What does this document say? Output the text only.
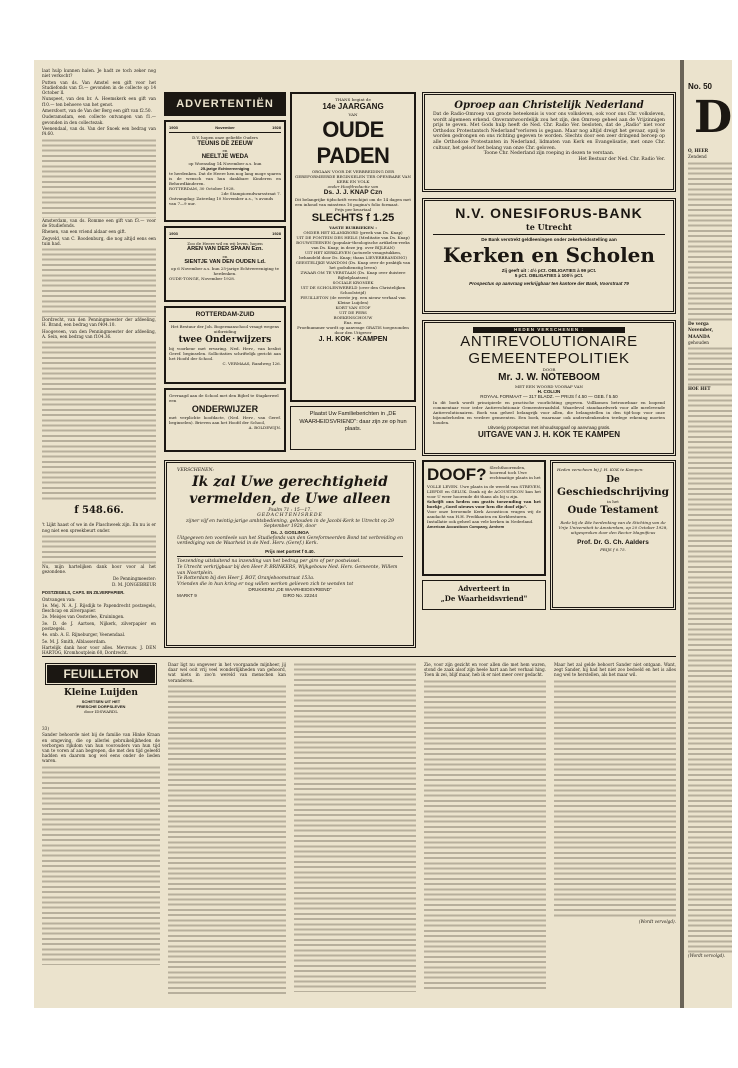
laat hulp kunnen halen. Je hadt ze toch zeker nog niet verkocht?

Putten van ds. Van Amstel een gift voor het Studiefonds van f3.— gevonden in de collecte op 14 October ll.

Nunspeet, van den br. A. Heemskerk een gift van f10.— ten behoeve van het genot.

Amersfoort, van de Van der Berg een gift van f2.50.

Ouderamsdam, een collecte ontvangen van f1.— gevonden in den collectezak.

Veenendaal, van ds. Van der Snoek een bedrag van f4.60.

Amsterdam, van ds. Romme een gift van f3.— voor de Studiefonds.

Rhenen, van een vriend aldaar een gift.

Zegveld, van C. Roodenburg, die nog altijd eens een tuin had.

Dordrecht, van den Penningmeester der afdeeling, H. Brand, een bedrag van f404.10.

Hoogeveen, van den Penningmeester der afdeeling, A. Sein, een bedrag van f104.36.

f 548.66.

't Lijkt haast of we in de Plaschweek zijn. En nu is er nog niet een spreekbeurt onder.

Nu, mijn hartelijken dank hoor voor al het gezondene.

De Penningmeester:

D. M. JONGEBREUR

POSTZEGELS, CAPS. EN ZILVERPAPIER.

Ontvangen van:

1e. Mej. N. A. J. Rijsdijk te Papendrecht postzegels, fleschcap en zilverpapier.

2e. Meisjes van Oosterlee, Kruiningen.

3e. D. de J. Aartsen, Nijkerk, zilverpapier en postzegels.

4e. onb. A. E. Rijneburger, Veenendaal.

5e. M. J. Smith, Alblasserdam.

Hartelijk dank hoor voor alles. Mevrouw. J. DEN HARTOG, Kromhoutplein 60, Dordrecht.

ADVERTENTIËN
1903	November	1928
D.V. hopen onze geliefde Ouders
TEUNIS DE ZEEUW
en
NEELTJE WEDA
op Woensdag 14 November a.s. hun
25-jarige Echtvereeniging
te herdenken. Dat de Heere hen nog lang moge sparen is de wensch van hun dankbare Kinderen en Behuwdkinderen.
ROTTERDAM, 30 October 1928.
2de Stampioendwarsstraat 7.
Ontvangdag: Zaterdag 10 November a.s., 's avonds van 7—9 uur.
1903	1928
Zoo de Heere wil en wij leven, hopen
AREN VAN DER SPAAN Ezn.
en
SIENTJE VAN DEN OUDEN Ld.
op 6 November a.s. hun 25-jarige Echtvereeniging te herdenken.
OUDE-TONGE, November 1928.
ROTTERDAM-ZUID
Het Bestuur der Joh. Bogermanschool vraagt wegens uitbreiding
twee Onderwijzers
bij voorkeur met ervaring. Ned. Herv., van beslist Geref. beginselen. Sollicitaties schriftelijk gericht aan het Hoofd der School.
C. VERMAAS, Randweg 126.
Gevraagd aan de School met den Bijbel te Stapkerwel een
ONDERWIJZER
met verplichte hoofdacte, (Ned. Herv., van Geref. beginselen). Brieven aan het Hoofd der School,
A. BOLDEWIJN.
THANS begint de
14e JAARGANG
VAN
OUDE PADEN
ORGAAN VOOR DE VERBREIDING DER GEREFORMEERDE BEGINSELEN TER OPENBARE VAN KERK EN VOLK
onder Hoofdredactie van
Ds. J. J. KNAP Czn
Dit belangrijke tijdschrift verschijnt om de 14 dagen met een inhoud van minstens 16 pagina's folio formaat.
Prijs per kwartaal
SLECHTS f 1.25
VASTE RUBRIEKEN :
ONDER HET KLANKBORD (preek van Ds. Knap)
UIT DE FONTEIN DES HEILS (Meditatie van Ds. Knap)
BOUWSTEENEN (populair-theologische artikelen-reeks van Ds. Knap; in deze jrg. over BIJLEAN)
UIT HET KERKLEVEN (actueele vraagstukken, behandeld door Ds. Knap; thans LIEVERBRANDING)
GEESTELIJKE WANDOM (Ds. Knap over de praktijk van het godsdienstig leven)
ZWAAR OM TE VERSTAAN (Ds. Knap over duistere Bijbelplaatsen)
SOCIALE KRONIEK
UIT DE SCHOLENWERELD (over den Christelijken Schoolstrijd)
FEUILLETON (de eerste jrg. een nieuw verhaal van Kleine Luijden)
KORT VAN STOF
UIT DE PERS
BOEKENSCHOUW
Enz. enz.
Proefnummer wordt op aanvrage GRATIS toegezonden door den Uitgever
J. H. KOK · KAMPEN
Plaatst Uw Familieberichten in „DE WAARHEIDSVRIEND": daar zijn ze op hun plaats.
Oproep aan Christelijk Nederland
Dat de Radio-Omroep van groote beteekenis is voor ons volksleven, ook voor ons Chr. volksleven, wordt algemeen erkend. Onverantwoordelijk zou het zijn, den Omroep geheel aan de Vrijzinnigen prijs te geven. Met Gods hulp heeft de Ned. Chr. Radio Ver. besloten, dat de „Radio" niet voor Orthodox Protestantsch Nederland"verloren is gegaan. Maar nog altijd dreigt het gevaar, opzij te worden gedrongen en ons richting gegeven te worden. Slechts door een zeer dringend beroep op alle Orthodoxe Protestanten in Nederland, lidmaten van Kerk en Evangelisatie, met onze Chr. cultuur, het geloof het belang van onze Chr. geloven.
Toone Chr. Nederland zijn roeping in dezen te verstaan.
Het Bestuur der Ned. Chr. Radio Ver.
N.V. ONESIFORUS-BANK
te Utrecht
De Bank verstrekt geldleeningen onder zekerheidsstelling aan
Kerken en Scholen
Zij geeft uit : 4½ pCt. OBLIGATIES à 99 pCt.
5 pCt. OBLIGATIES à 100½ pCt.
Prospectus op aanvraag verkrijgbaar ten kantore der Bank, Voorstraat 79
HEDEN VERSCHENEN :
ANTIREVOLUTIONAIRE
GEMEENTEPOLITIEK
DOOR
Mr. J. W. NOTEBOOM
MET EEN WOORD VOORAF VAN
H. COLIJN
ROYAAL FORMAAT — 317 BLADZ. — PRIJS f 4.50 — GEB. f 5.50
In dit boek wordt principieele en practische voorlichting gegeven. Vollkomen betrouwbaar en loopend commentaar voor ieder Antirevolutionair Gemeenteraadslid. Waardevol standaardwerk voor alle meelevende Antirevolutionairen. Boek van geheel belangrijk voor allen, die belangstellen in den tijd-loop voor onze bijzonderheden en verdere gemeenten. Een boek, waarnaar ook andersdenkenden terdege rekening moeten houden.
Uitvoerig prospectus met inhoudsopgaaf op aanvraag gratis.
UITGAVE VAN J. H. KOK TE KAMPEN
VERSCHENEN:
Ik zal Uwe gerechtigheid
vermelden, de Uwe alleen
Psalm 71 : 15—17.
GEDACHTENISREDE
zijner vijf en twintig-jarige ambtsbediening, gehouden in de Jacobi-Kerk te Utrecht op 29 September 1928, door
Ds. J. GOSLINGA
Uitgegeven ten voordeele van het Studiefonds van den Gereformeerden Bond tot verbreiding en verdediging van de Waarheid in de Ned. Herv. (Geref.) Kerk.
Prijs met portret f 0.40.
Toezending uitsluitend na inzending van het bedrag per giro of per postwissel.
Te Utrecht verkrijgbaar bij den Heer P. BRINKERS, Wijkgebouw Ned. Herv. Gemeente, Willem van Noortplein.
Te Rotterdam bij den Heer J. BOT, Oranjeboomstraat 153a.
Vrienden die in hun kring er nog willen werken gelieven zich te wenden tot
DRUKKERIJ „DE WAARHEIDSVRIEND"
MARKT 9	GIRO No. 22244
DOOF? Slechthoorenden, hoorend toch Uwe rechtmatige plaats in het
VOLLE LEVEN. Uwe plaats in de wereld van STREVEN, LIEFDE en GELUK. Dank zij de ACOUSTICON kan het voor U weer hoorende dit thans als bij u zijn.
Schrijft ons heden om gratis toezending van het boekje „Goed nieuws voor hen die doof zijn".
Voor onze beroemde Kerk Acousticon vragen wij de aandacht van H.H. Predikanten en Kerkbesturen.
Installatie ook geheel aan vele kerken in Nederland.
American Acousticon Company, Arnhem
Adverteert in
„De Waarheidsvriend"
Heden verscheen bij J. H. KOK te Kampen:
De
Geschiedschrijving
in het
Oude Testament
Rede bij de 48e herdenking van de Stichting van de Vrije Universiteit te Amsterdam, op 20 October 1928, uitgesproken door den Rector Magnificus
Prof. Dr. G. Ch. Aalders
PRIJS f 0.75.
FEUILLETON
Kleine Luijden
SCHETSEN UIT HET
FRIESCHE DORPSLEVEN
door IDSWARDL

33)

Sander behoorde niet bij de familie van Hinke Kraan en omgeving, die op allerlei gebruikelijkheden de verborgen rijkdom van hun voorouders van hun tijd van te voren af aan begrepen, die met den tijd geleefd hadden en daarom nog wel eens onder de lieden waren.

Daar ligt nu ongeveer in het voorgaande mijnheer, jij daar wel ooit vrij veel wonderlijkheden van gehoord, wat niets in zoo'n wereld van menschen kan veranderen.

Zie, voor zijn gezicht en voor allen die met hem waren, stond de zaak alsof zijn heele hart aan het verhaal hing. Toen ik zei, blijf maar, heb ik er niet meer over gedacht.

Maar het zal gelde behoort Sander niet ontgaan. Want, zegt Sander, hij had het niet zoo bedoeld en het is alles nog wel te herstellen, als het maar wil.

(Wordt vervolgd).

No. 50
D

O, HEER

Zendend

De verga

November,

MAANDA

gehouden

HOE HET

(Wordt vervolgd).
